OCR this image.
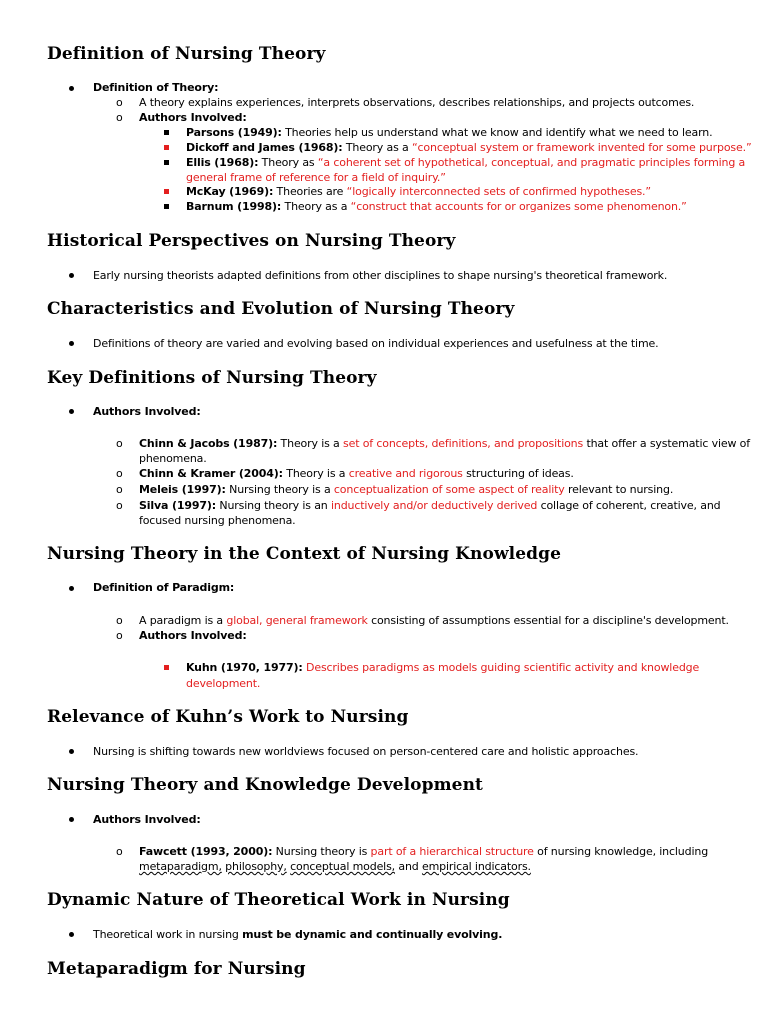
Definition of Nursing Theory

Definition of Theory:

o A theory explains experiences, interprets observations, describes relationships, and projects outcomes.

o Authors Involved:

Parsons (1949): Theories help us understand what we know and identify what we need to learn.

Dickoff and James (1968): Theory as a “conceptual system or framework invented for some purpose.”

Ellis (1968): Theory as “a coherent set of hypothetical, conceptual, and pragmatic principles forming a

general frame of reference for a field of inquiry.”

McKay (1969): Theories are “logically interconnected sets of confirmed hypotheses.”

Barnum (1998): Theory as a “construct that accounts for or organizes some phenomenon.”

Historical Perspectives on Nursing Theory

Early nursing theorists adapted definitions from other disciplines to shape nursing's theoretical framework.

Characteristics and Evolution of Nursing Theory

Definitions of theory are varied and evolving based on individual experiences and usefulness at the time.

Key Definitions of Nursing Theory

Authors Involved:

o Chinn & Jacobs (1987): Theory is a set of concepts, definitions, and propositions that offer a systematic view of

phenomena.

o Chinn & Kramer (2004): Theory is a creative and rigorous structuring of ideas.

o Meleis (1997): Nursing theory is a conceptualization of some aspect of reality relevant to nursing.

o Silva (1997): Nursing theory is an inductively and/or deductively derived collage of coherent, creative, and

focused nursing phenomena.

Nursing Theory in the Context of Nursing Knowledge

Definition of Paradigm:

o A paradigm is a global, general framework consisting of assumptions essential for a discipline's development.

o Authors Involved:

Kuhn (1970, 1977): Describes paradigms as models guiding scientific activity and knowledge

development.

Relevance of Kuhn’s Work to Nursing

Nursing is shifting towards new worldviews focused on person-centered care and holistic approaches.

Nursing Theory and Knowledge Development

Authors Involved:

o Fawcett (1993, 2000): Nursing theory is part of a hierarchical structure of nursing knowledge, including

metaparadigm, philosophy, conceptual models, and empirical indicators.

Dynamic Nature of Theoretical Work in Nursing

Theoretical work in nursing must be dynamic and continually evolving.

Metaparadigm for Nursing
